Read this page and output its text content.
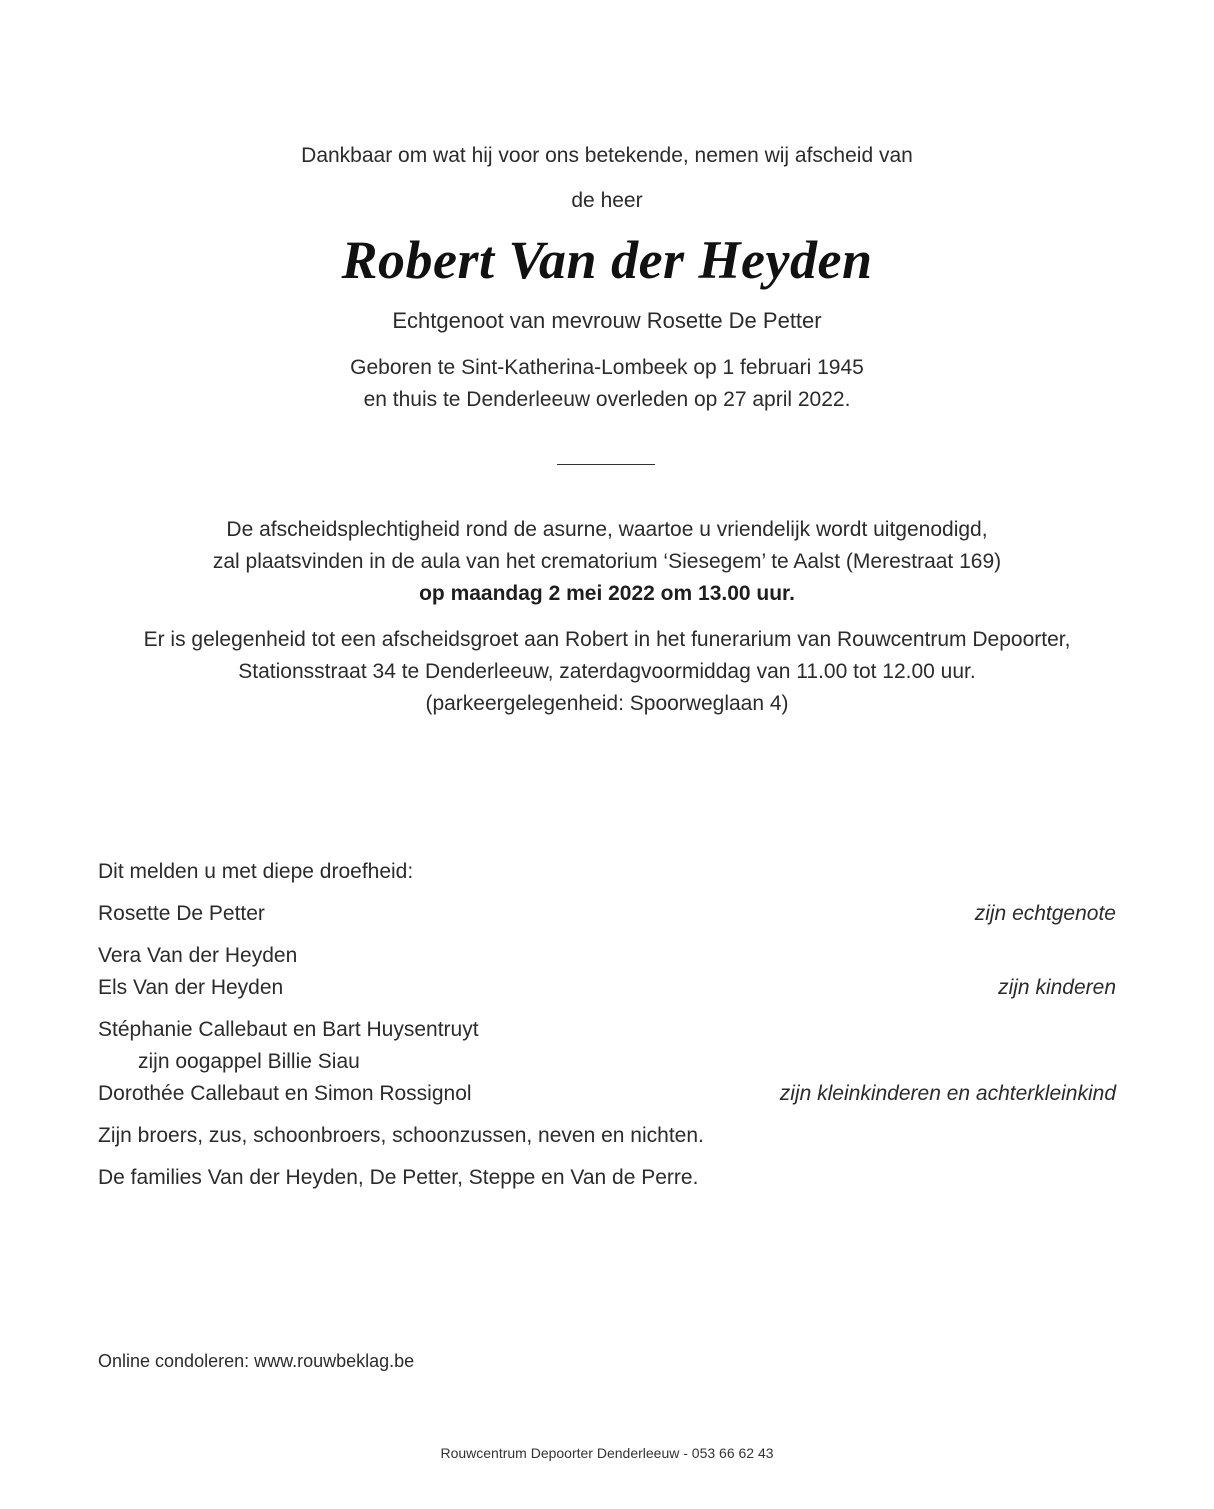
Dankbaar om wat hij voor ons betekende, nemen wij afscheid van
de heer
Robert Van der Heyden
Echtgenoot van mevrouw Rosette De Petter
Geboren te Sint-Katherina-Lombeek op 1 februari 1945
en thuis te Denderleeuw overleden op 27 april 2022.
De afscheidsplechtigheid rond de asurne, waartoe u vriendelijk wordt uitgenodigd,
zal plaatsvinden in de aula van het crematorium ‘Siesegem’ te Aalst (Merestraat 169)
op maandag 2 mei 2022 om 13.00 uur.
Er is gelegenheid tot een afscheidsgroet aan Robert in het funerarium van Rouwcentrum Depoorter,
Stationsstraat 34 te Denderleeuw, zaterdagvoormiddag van 11.00 tot 12.00 uur.
(parkeergelegenheid: Spoorweglaan 4)
Dit melden u met diepe droefheid:
Rosette De Petter	zijn echtgenote
Vera Van der Heyden
Els Van der Heyden	zijn kinderen
Stéphanie Callebaut en Bart Huysentruyt
zijn oogappel Billie Siau
Dorothée Callebaut en Simon Rossignol	zijn kleinkinderen en achterkleinkind
Zijn broers, zus, schoonbroers, schoonzussen, neven en nichten.
De families Van der Heyden, De Petter, Steppe en Van de Perre.
Online condoleren: www.rouwbeklag.be
Rouwcentrum Depoorter Denderleeuw - 053 66 62 43
